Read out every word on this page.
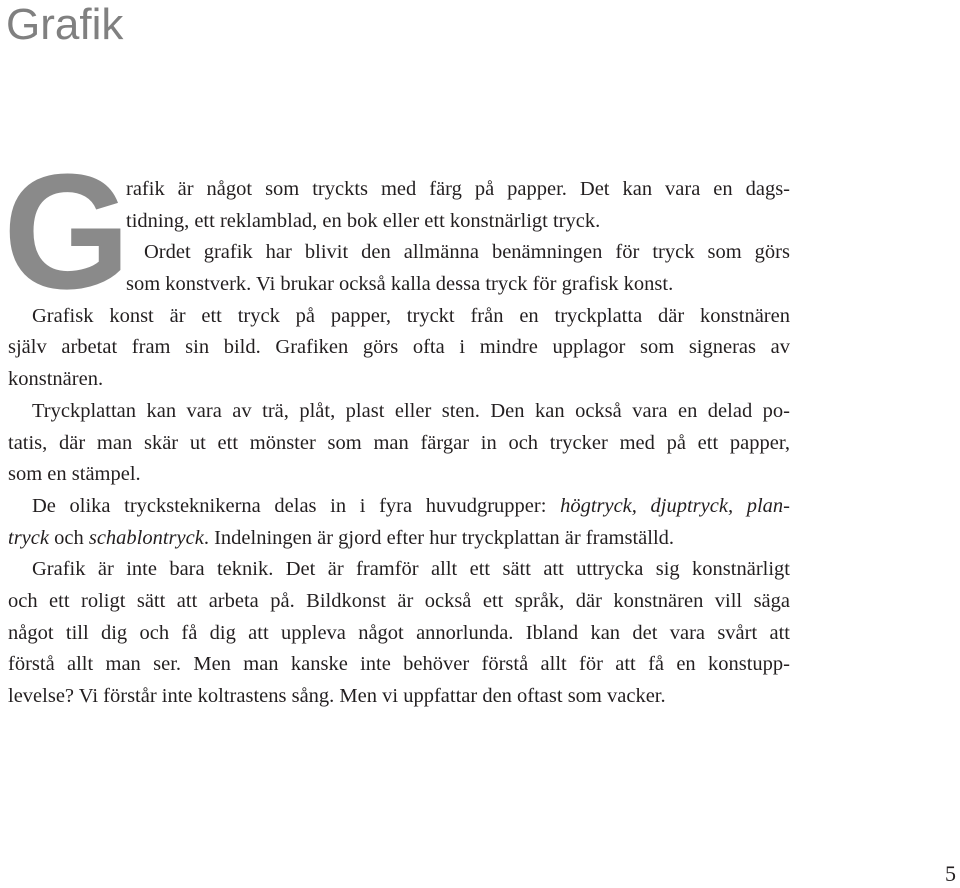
Grafik
G
rafik är något som tryckts med färg på papper. Det kan vara en dags-
tidning, ett reklamblad, en bok eller ett konstnärligt tryck.
Ordet grafik har blivit den allmänna benämningen för tryck som görs
som konstverk. Vi brukar också kalla dessa tryck för grafisk konst.
Grafisk konst är ett tryck på papper, tryckt från en tryckplatta där konstnären
själv arbetat fram sin bild. Grafiken görs ofta i mindre upplagor som signeras av
konstnären.
Tryckplattan kan vara av trä, plåt, plast eller sten. Den kan också vara en delad po-
tatis, där man skär ut ett mönster som man färgar in och trycker med på ett papper,
som en stämpel.
De olika trycksteknikerna delas in i fyra huvudgrupper: högtryck, djuptryck, plan-
tryck och schablontryck. Indelningen är gjord efter hur tryckplattan är framställd.
Grafik är inte bara teknik. Det är framför allt ett sätt att uttrycka sig konstnärligt
och ett roligt sätt att arbeta på. Bildkonst är också ett språk, där konstnären vill säga
något till dig och få dig att uppleva något annorlunda. Ibland kan det vara svårt att
förstå allt man ser. Men man kanske inte behöver förstå allt för att få en konstupp-
levelse? Vi förstår inte koltrastens sång. Men vi uppfattar den oftast som vacker.
5
